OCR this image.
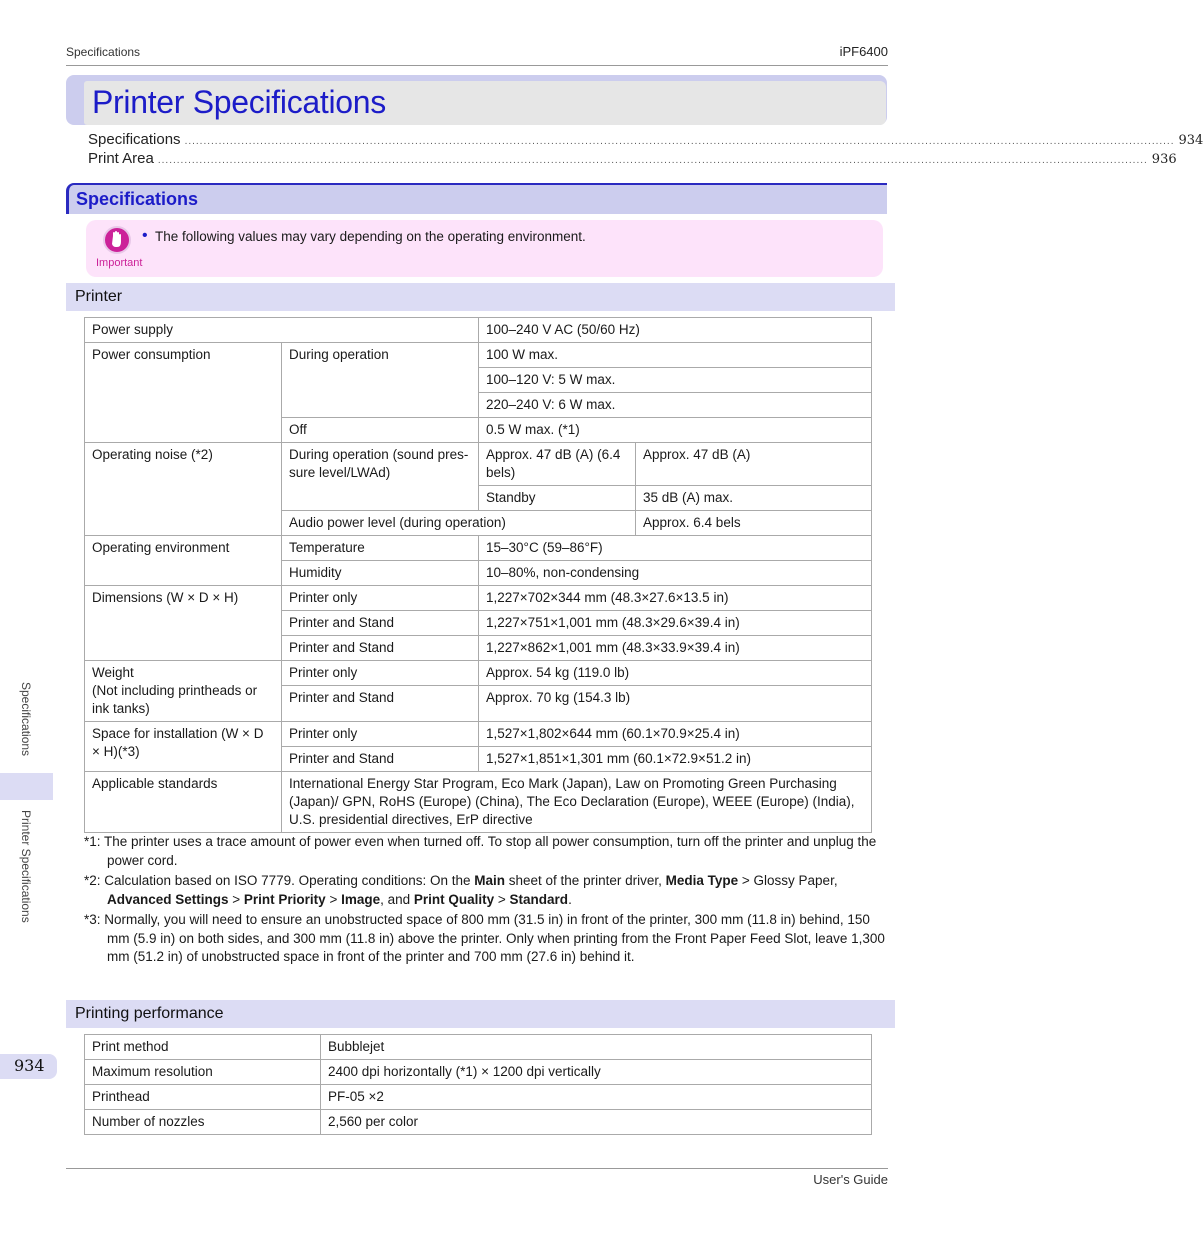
Specifications	iPF6400
Printer Specifications
Specifications ...................................................................................................................................................................................................................................................................... 934
Print Area ...................................................................................................................................................................................................................................................................... 936
Specifications
Important
• The following values may vary depending on the operating environment.
Printer
Power supply		100–240 V AC (50/60 Hz)	
Power consumption	During operation	100 W max.	
		100–120 V: 5 W max.	
		220–240 V: 6 W max.	
	Off	0.5 W max. (*1)	
Operating noise (*2)	During operation (sound pres-sure level/LWAd)	Approx. 47 dB (A) (6.4 bels)	Approx. 47 dB (A)
		Standby	35 dB (A) max.
	Audio power level (during operation)		Approx. 6.4 bels
Operating environment	Temperature	15–30°C (59–86°F)	
	Humidity	10–80%, non-condensing	
Dimensions (W × D × H)	Printer only	1,227×702×344 mm (48.3×27.6×13.5 in)	
	Printer and Stand	1,227×751×1,001 mm (48.3×29.6×39.4 in)	
	Printer and Stand	1,227×862×1,001 mm (48.3×33.9×39.4 in)	

Weight
(Not including printheads or ink tanks)	Printer only	Approx. 54 kg (119.0 lb)	
	Printer and Stand	Approx. 70 kg (154.3 lb)	
Space for installation (W × D × H)(*3)	Printer only	1,527×1,802×644 mm (60.1×70.9×25.4 in)	
	Printer and Stand	1,527×1,851×1,301 mm (60.1×72.9×51.2 in)	
Applicable standards	International Energy Star Program, Eco Mark (Japan), Law on Promoting Green Purchasing (Japan)/ GPN, RoHS (Europe) (China), The Eco Declaration (Europe), WEEE (Europe) (India), U.S. presidential directives, ErP directive		
*1: The printer uses a trace amount of power even when turned off. To stop all power consumption, turn off the printer and unplug the power cord.
*2: Calculation based on ISO 7779. Operating conditions: On the Main sheet of the printer driver, Media Type > Glossy Paper, Advanced Settings > Print Priority > Image, and Print Quality > Standard.
*3: Normally, you will need to ensure an unobstructed space of 800 mm (31.5 in) in front of the printer, 300 mm (11.8 in) behind, 150 mm (5.9 in) on both sides, and 300 mm (11.8 in) above the printer. Only when printing from the Front Paper Feed Slot, leave 1,300 mm (51.2 in) of unobstructed space in front of the printer and 700 mm (27.6 in) behind it.
Printing performance
Print method	Bubblejet
Maximum resolution	2400 dpi horizontally (*1) × 1200 dpi vertically
Printhead	PF-05 ×2
Number of nozzles	2,560 per color
Specifications
Printer Specifications
934
User's Guide
